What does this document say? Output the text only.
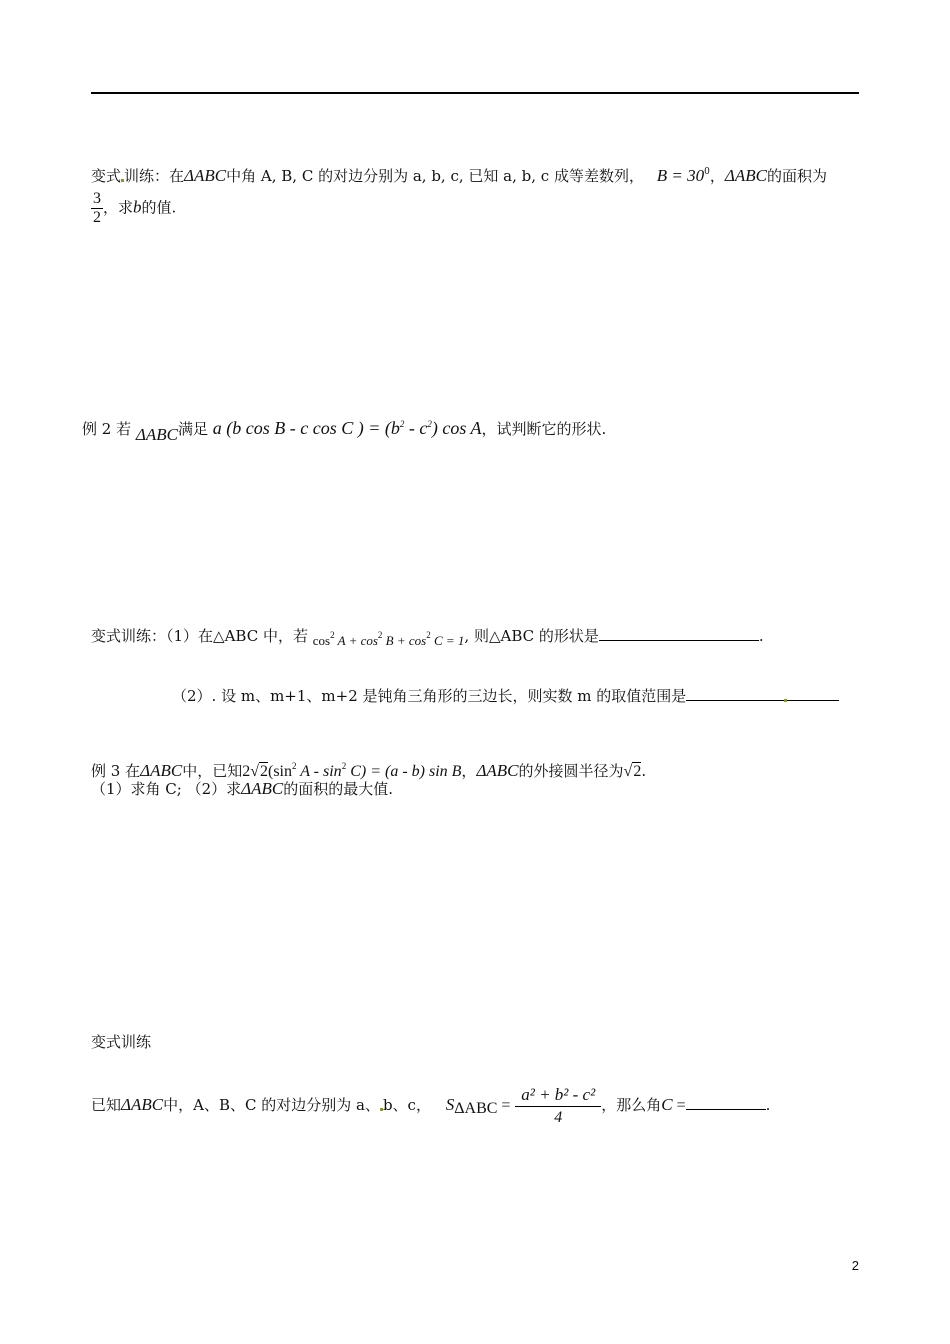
变式 训练：在ΔABC中角 A, B, C 的对边分别为 a, b, c, 已知 a, b, c 成等差数列， $B = 30^0$，ΔABC的面积为
$\frac{3}{2}$ ，求b的值.
例 2 若 ΔABC满足 a (b cos B - c cos C ) = $(b^2 - c^2)$ cos A，试判断它的形状.
变式训练：（1）在△ABC 中，若 $\cos^2 A + \cos^2 B + \cos^2 C = 1$, 则△ABC 的形状是	.
（2）. 设 m、m+1、m+2 是钝角三角形的三边长，则实数 m 的取值范围是
例 3 在ΔABC中，已知$2√2(\sin^2$ $A - \sin^2 C) = (a - b)$ sin B，ΔABC的外接圆半径为√2.
（1）求角 C; （2）求ΔABC的面积的最大值.
变式训练
已知ΔABC中，A、B、C 的对边分别为 a、 b、c， $S_{\Delta ABC} = \frac{\text{a² + b² - c²}}{4}$ ，那么角C =	.
2
